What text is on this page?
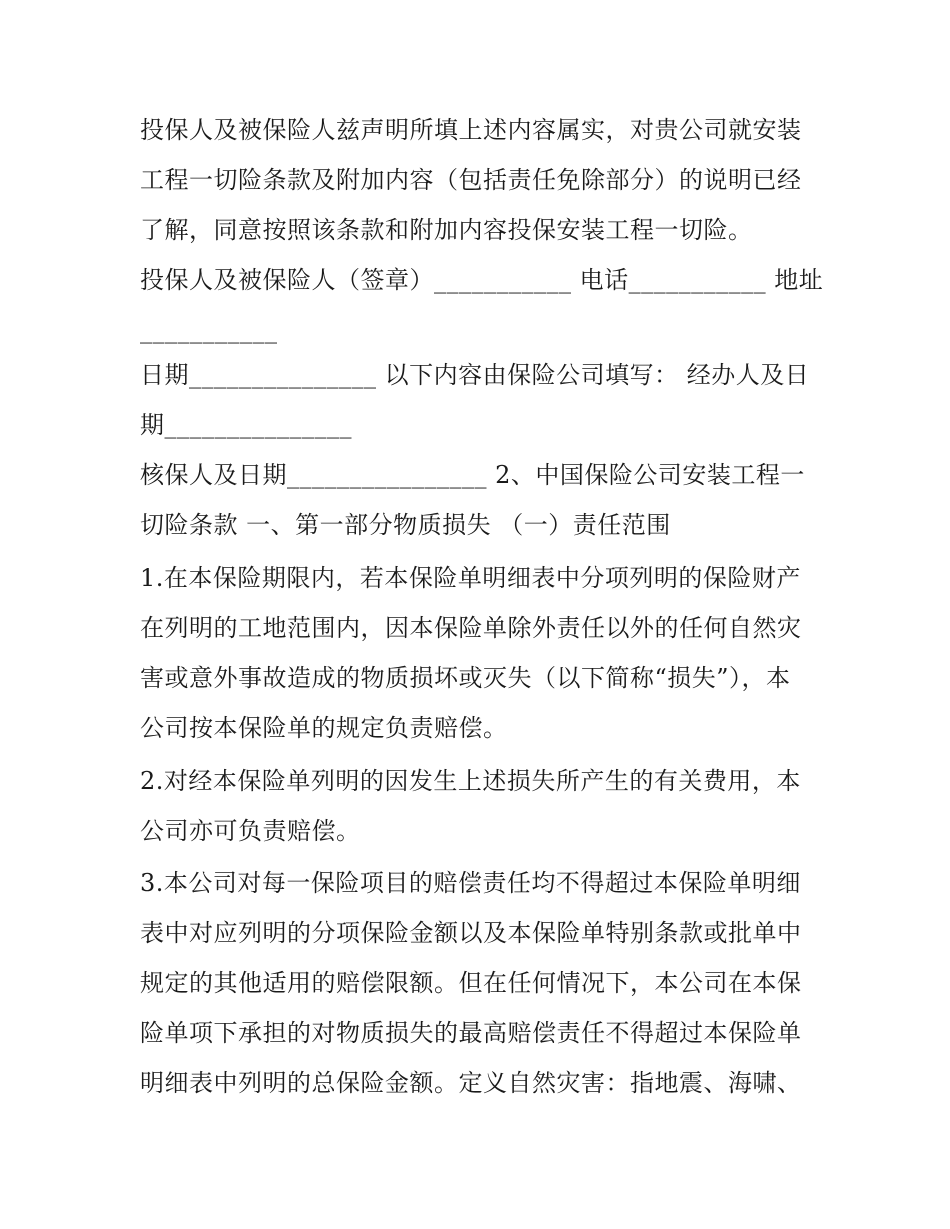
投保人及被保险人兹声明所填上述内容属实，对贵公司就安装
工程一切险条款及附加内容（包括责任免除部分）的说明已经
了解，同意按照该条款和附加内容投保安装工程一切险。
投保人及被保险人（签章）___________ 电话___________ 地址
___________
日期_______________ 以下内容由保险公司填写： 经办人及日
期_______________
核保人及日期________________ 2、中国保险公司安装工程一
切险条款 一、第一部分物质损失 （一）责任范围
1.在本保险期限内，若本保险单明细表中分项列明的保险财产
在列明的工地范围内，因本保险单除外责任以外的任何自然灾
害或意外事故造成的物质损坏或灭失（以下简称“损失”），本
公司按本保险单的规定负责赔偿。
2.对经本保险单列明的因发生上述损失所产生的有关费用，本
公司亦可负责赔偿。
3.本公司对每一保险项目的赔偿责任均不得超过本保险单明细
表中对应列明的分项保险金额以及本保险单特别条款或批单中
规定的其他适用的赔偿限额。但在任何情况下，本公司在本保
险单项下承担的对物质损失的最高赔偿责任不得超过本保险单
明细表中列明的总保险金额。定义自然灾害：指地震、海啸、
